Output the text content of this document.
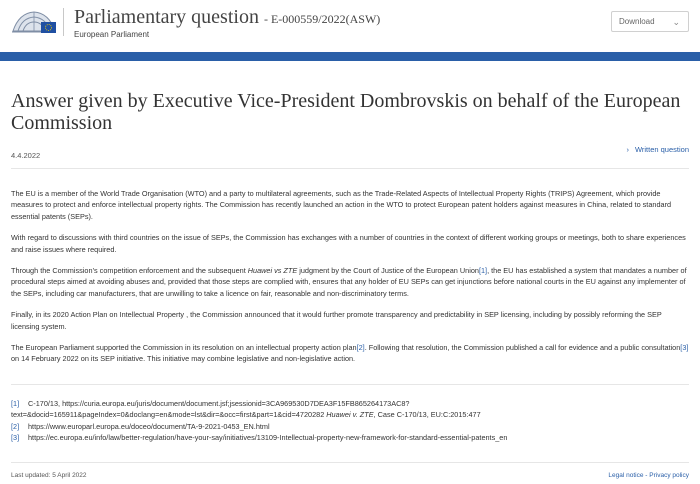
Parliamentary question - E-000559/2022(ASW)
European Parliament
Download ⌄
Answer given by Executive Vice-President Dombrovskis on behalf of the European Commission
4.4.2022
› Written question

The EU is a member of the World Trade Organisation (WTO) and a party to multilateral agreements, such as the Trade-Related Aspects of Intellectual Property Rights (TRIPS) Agreement, which provide measures to protect and enforce intellectual property rights. The Commission has recently launched an action in the WTO to protect European patent holders against measures in China, related to standard essential patents (SEPs).

With regard to discussions with third countries on the issue of SEPs, the Commission has exchanges with a number of countries in the context of different working groups or meetings, both to share experiences and raise issues where required.

Through the Commission’s competition enforcement and the subsequent Huawei vs ZTE judgment by the Court of Justice of the European Union[1], the EU has established a system that mandates a number of procedural steps aimed at avoiding abuses and, provided that those steps are complied with, ensures that any holder of EU SEPs can get injunctions before national courts in the EU against any implementer of the SEPs, including car manufacturers, that are unwilling to take a licence on fair, reasonable and non-discriminatory terms.

Finally, in its 2020 Action Plan on Intellectual Property , the Commission announced that it would further promote transparency and predictability in SEP licensing, including by possibly reforming the SEP licensing system.

The European Parliament supported the Commission in its resolution on an intellectual property action plan[2]. Following that resolution, the Commission published a call for evidence and a public consultation[3] on 14 February 2022 on its SEP initiative. This initiative may combine legislative and non-legislative action.

[1] C-170/13, https://curia.europa.eu/juris/document/document.jsf;jsessionid=3CA969530D7DEA3F15FB865264173AC8?text=&docid=165911&pageIndex=0&doclang=en&mode=lst&dir=&occ=first&part=1&cid=4720282 Huawei v. ZTE, Case C-170/13, EU:C:2015:477
[2] https://www.europarl.europa.eu/doceo/document/TA-9-2021-0453_EN.html
[3] https://ec.europa.eu/info/law/better-regulation/have-your-say/initiatives/13109-Intellectual-property-new-framework-for-standard-essential-patents_en
Last updated: 5 April 2022	Legal notice - Privacy policy
